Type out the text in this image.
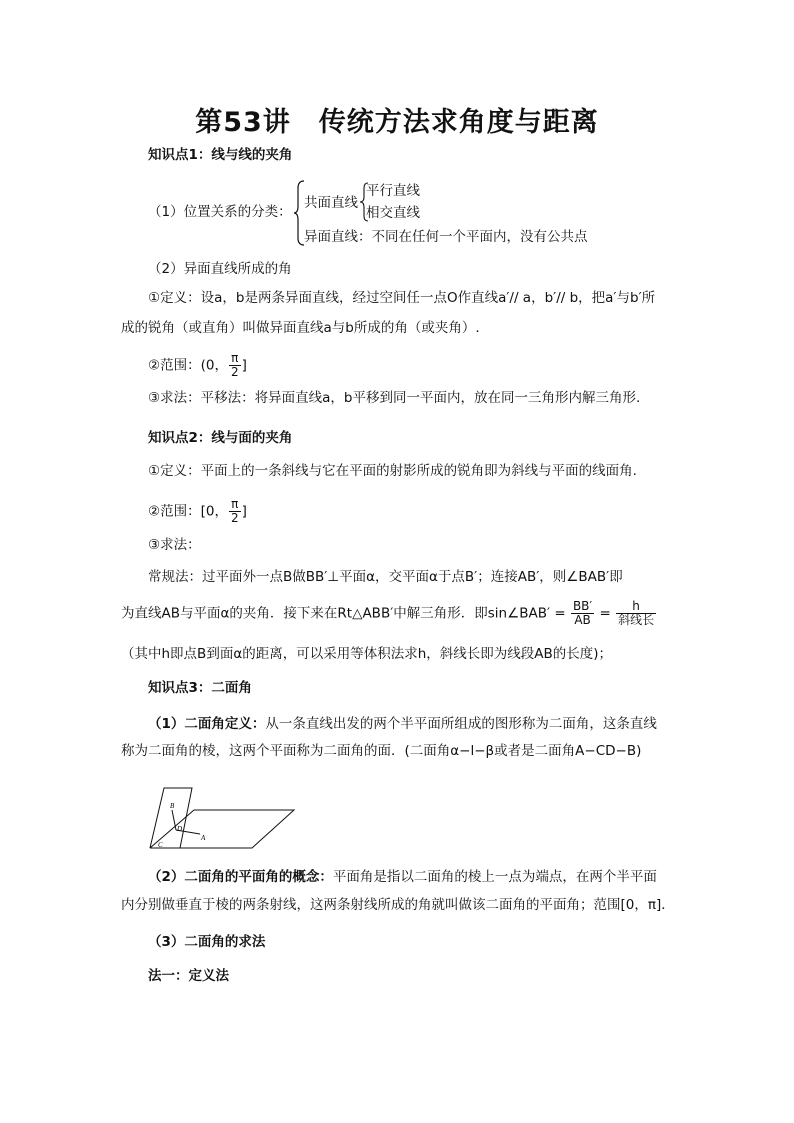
第53讲　传统方法求角度与距离
知识点1：线与线的夹角
（1）位置关系的分类：
共面直线
平行直线
相交直线
异面直线：不同在任何一个平面内，没有公共点
（2）异面直线所成的角
①定义：设a，b是两条异面直线，经过空间任一点O作直线a′// a，b′// b，把a′与b′所
成的锐角（或直角）叫做异面直线a与b所成的角（或夹角）.
②范围：(0， $\frac{\pi}{2}$ ]
③求法：平移法：将异面直线a，b平移到同一平面内，放在同一三角形内解三角形.
知识点2：线与面的夹角
①定义：平面上的一条斜线与它在平面的射影所成的锐角即为斜线与平面的线面角.
②范围：[0， $\frac{\pi}{2}$ ]
③求法：
常规法：过平面外一点B做BB′⊥平面α，交平面α于点B′；连接AB′，则∠BAB′即
为直线AB与平面α的夹角．接下来在Rt△ABB′中解三角形．即sin∠BAB′ = $\frac{BB'}{AB} = \frac{h}{\text{斜线长}}$
（其中h即点B到面α的距离，可以采用等体积法求h，斜线长即为线段AB的长度)；
知识点3：二面角
（1）二面角定义：从一条直线出发的两个半平面所组成的图形称为二面角，这条直线
称为二面角的棱，这两个平面称为二面角的面．(二面角α−l−β或者是二面角A−CD−B)
B
D
A
C
（2）二面角的平面角的概念：平面角是指以二面角的棱上一点为端点，在两个半平面
内分别做垂直于棱的两条射线，这两条射线所成的角就叫做该二面角的平面角；范围[0，π]．
（3）二面角的求法
法一：定义法
